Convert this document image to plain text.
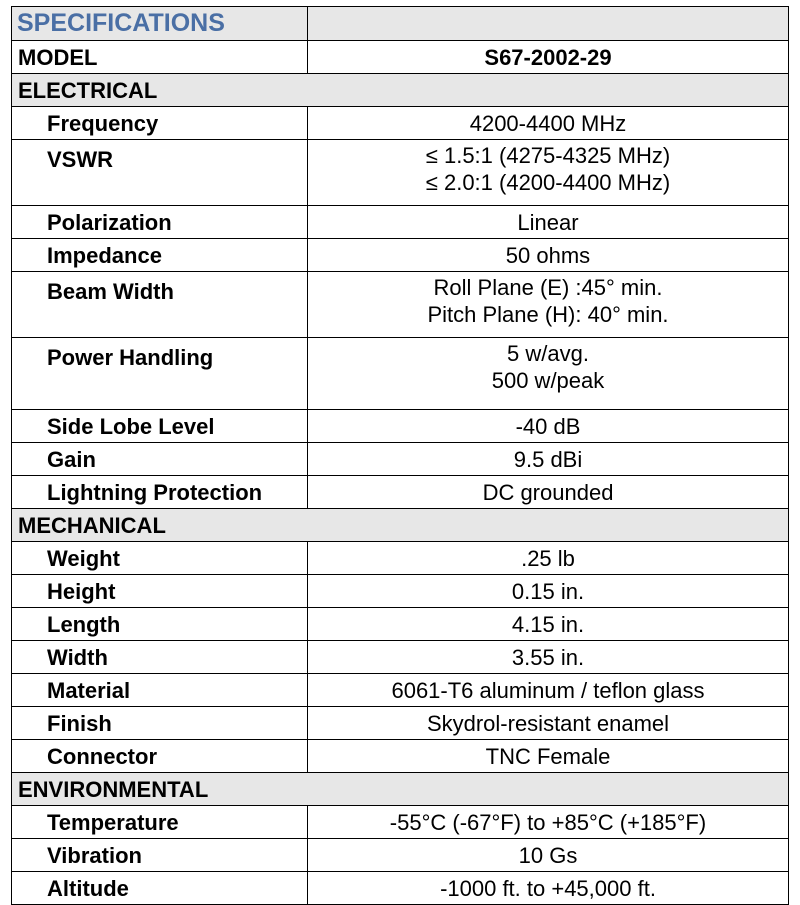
SPECIFICATIONS	
MODEL	S67-2002-29
ELECTRICAL	
Frequency	4200-4400 MHz
VSWR	≤ 1.5:1 (4275-4325 MHz)
≤ 2.0:1 (4200-4400 MHz)

Polarization	Linear
Impedance	50 ohms
Beam Width	Roll Plane (E) :45° min.
Pitch Plane (H): 40° min.

Power Handling	5 w/avg.
500 w/peak

Side Lobe Level	-40 dB
Gain	9.5 dBi
Lightning Protection	DC grounded
MECHANICAL	
Weight	.25 lb
Height	0.15 in.
Length	4.15 in.
Width	3.55 in.
Material	6061-T6 aluminum / teflon glass
Finish	Skydrol-resistant enamel
Connector	TNC Female
ENVIRONMENTAL	
Temperature	-55°C (-67°F) to +85°C (+185°F)
Vibration	10 Gs
Altitude	-1000 ft. to +45,000 ft.
